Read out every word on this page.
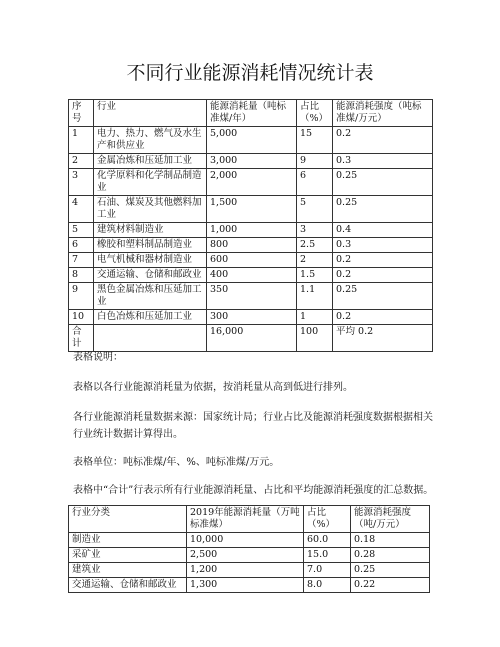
不同行业能源消耗情况统计表
序号	行业	能源消耗量（吨标准煤/年）	占比（%）	能源消耗强度（吨标准煤/万元）
1	电力、热力、燃气及水生产和供应业	5,000	15	0.2
2	金属冶炼和压延加工业	3,000	9	0.3
3	化学原料和化学制品制造业	2,000	6	0.25
4	石油、煤炭及其他燃料加工业	1,500	5	0.25
5	建筑材料制造业	1,000	3	0.4
6	橡胶和塑料制品制造业	800	2.5	0.3
7	电气机械和器材制造业	600	2	0.2
8	交通运输、仓储和邮政业	400	1.5	0.2
9	黑色金属冶炼和压延加工业	350	1.1	0.25
10	白色冶炼和压延加工业	300	1	0.2
合计		16,000	100	平均 0.2

表格说明：

表格以各行业能源消耗量为依据，按消耗量从高到低进行排列。

各行业能源消耗量数据来源：国家统计局；行业占比及能源消耗强度数据根据相关行业统计数据计算得出。

表格单位：吨标准煤/年、%、吨标准煤/万元。

表格中“合计”行表示所有行业能源消耗量、占比和平均能源消耗强度的汇总数据。

行业分类	2019年能源消耗量（万吨标准煤）	占比（%）	能源消耗强度（吨/万元）
制造业	10,000	60.0	0.18
采矿业	2,500	15.0	0.28
建筑业	1,200	7.0	0.25
交通运输、仓储和邮政业	1,300	8.0	0.22
